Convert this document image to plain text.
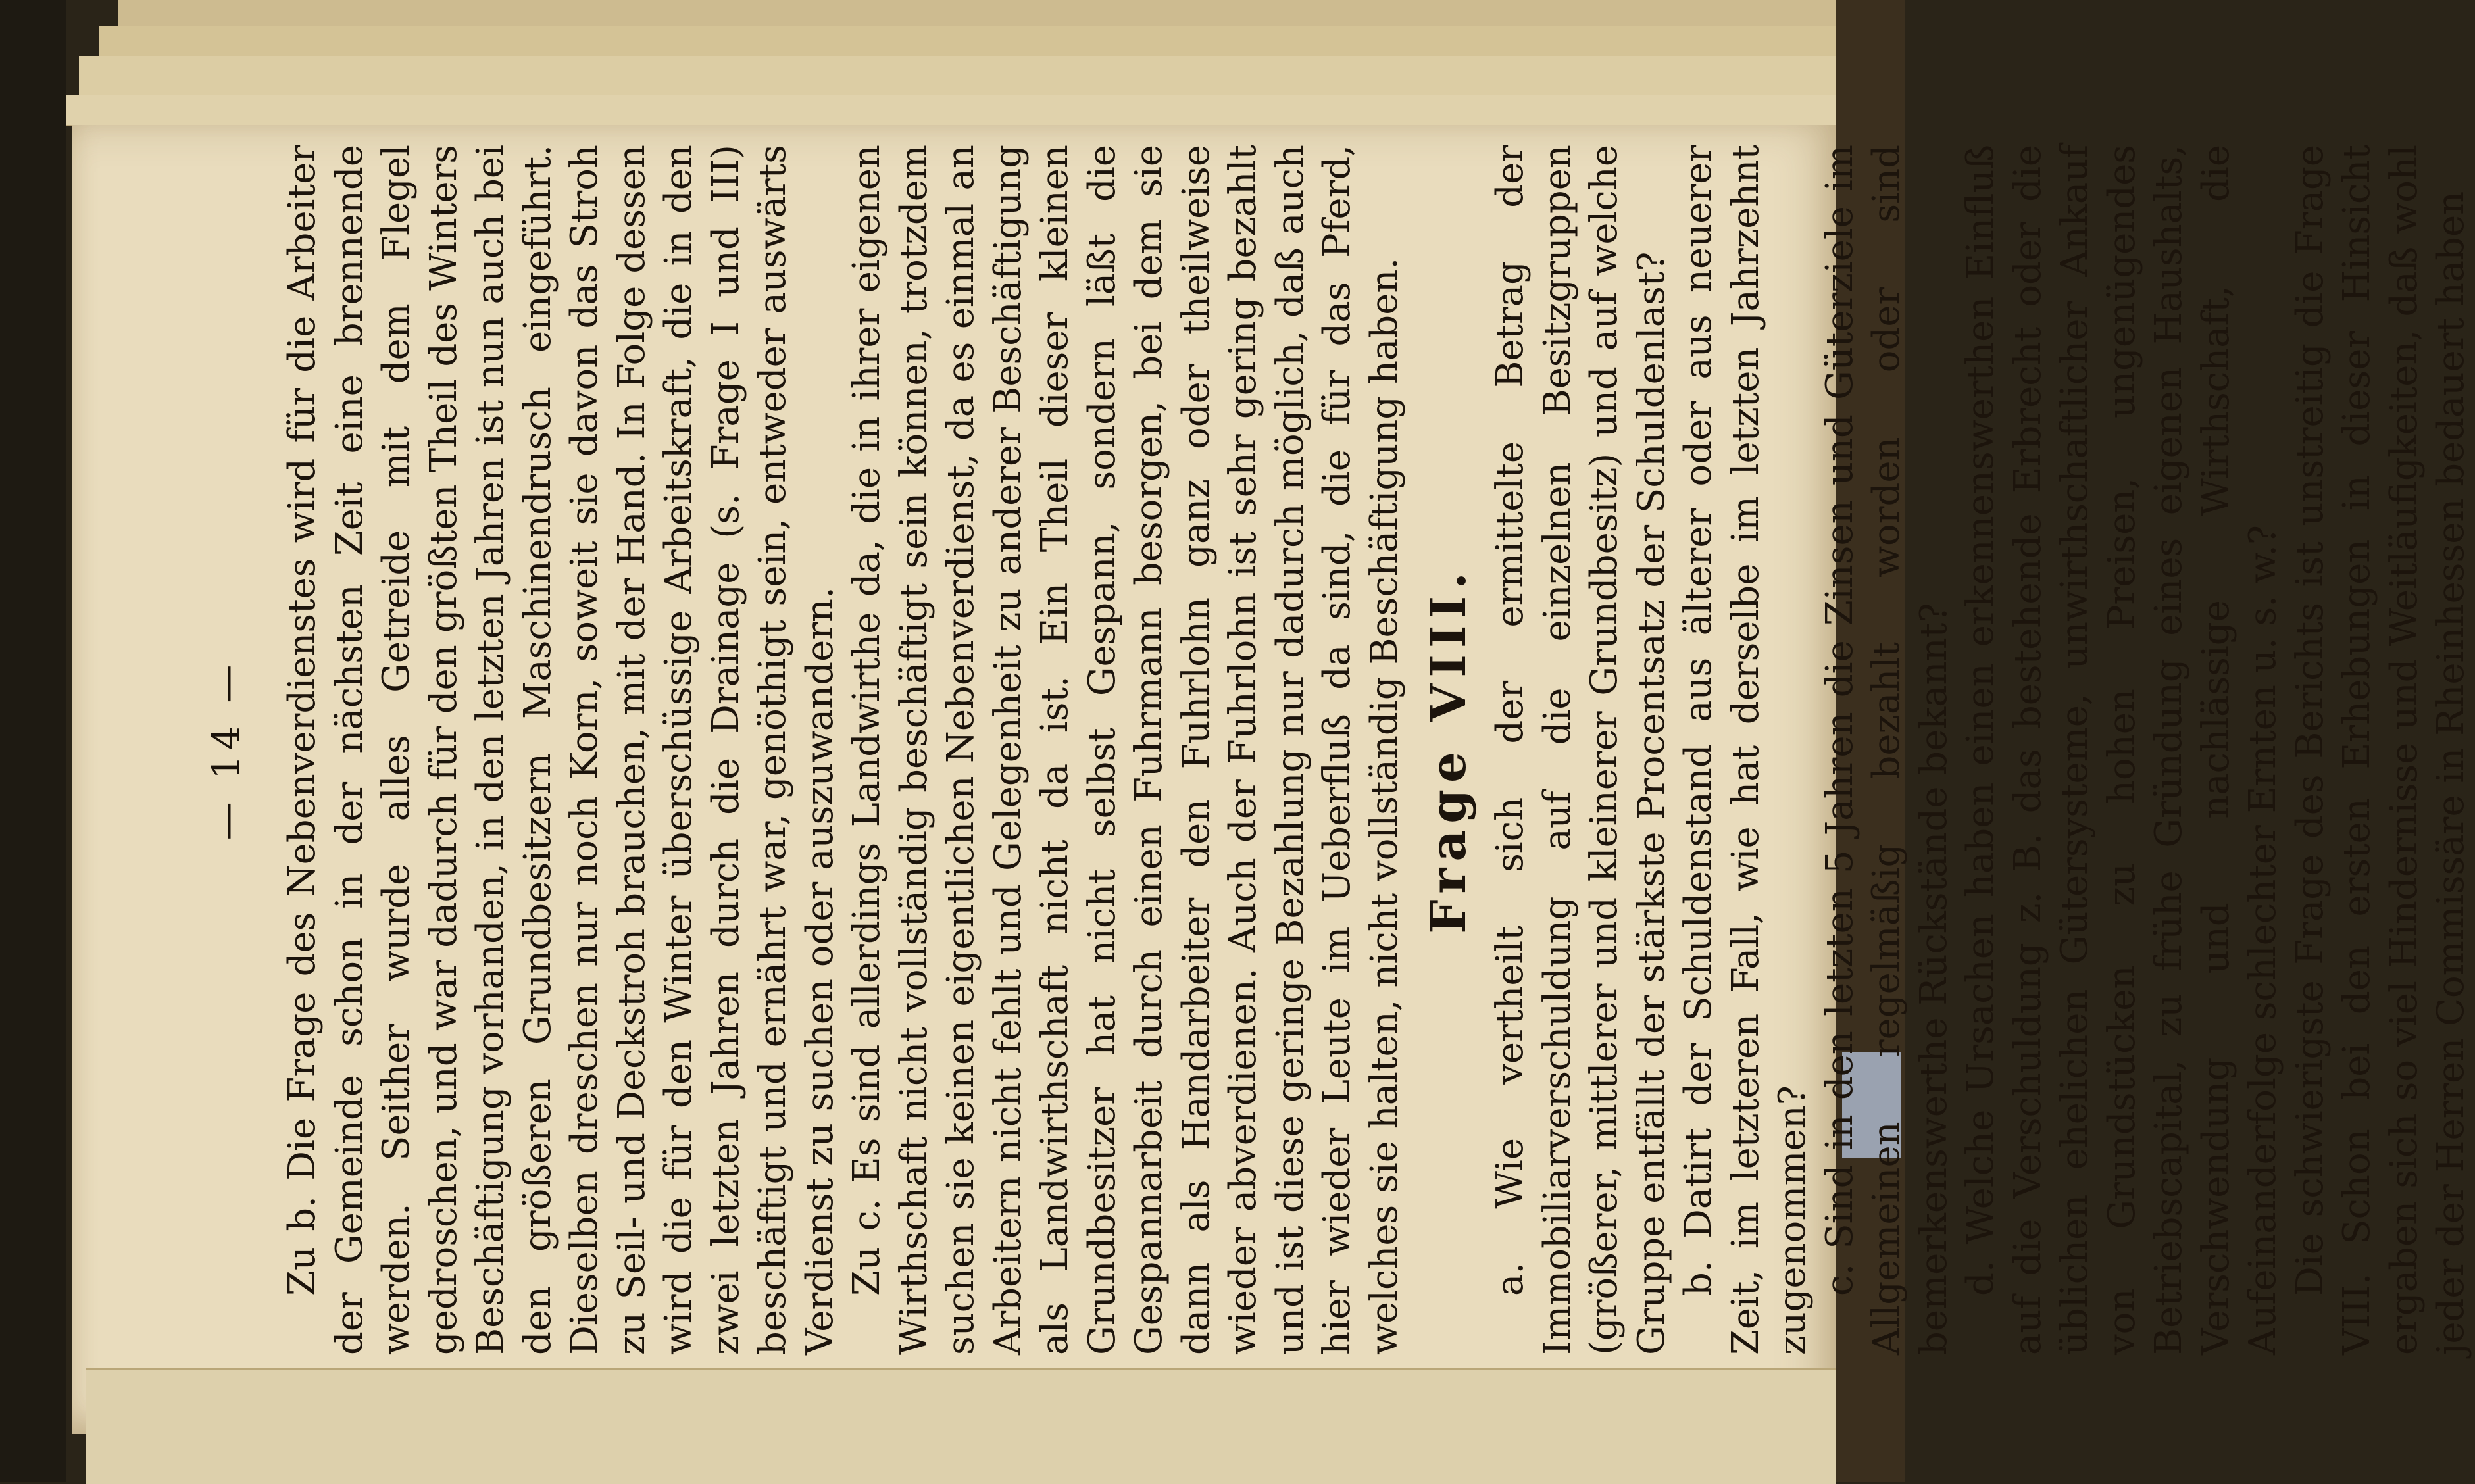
— 14 — Zu b. Die Frage des Nebenverdienstes wird für die Arbeiter der Gemeinde schon in der nächsten Zeit eine brennende werden. Seither wurde alles Getreide mit dem Flegel gedroschen, und war dadurch für den größten Theil des Winters Beschäftigung vorhanden, in den letzten Jahren ist nun auch bei den größeren Grundbesitzern Maschinendrusch eingeführt. Dieselben dreschen nur noch Korn, soweit sie davon das Stroh zu Seil- und Deckstroh brauchen, mit der Hand. In Folge dessen wird die für den Winter überschüssige Arbeitskraft, die in den zwei letzten Jahren durch die Drainage (s. Frage I und III) beschäftigt und ernährt war, genöthigt sein, entweder auswärts Verdienst zu suchen oder auszuwandern. Zu c. Es sind allerdings Landwirthe da, die in ihrer eigenen Wirthschaft nicht vollständig beschäftigt sein können, trotzdem suchen sie keinen eigentlichen Nebenverdienst, da es einmal an Arbeitern nicht fehlt und Gelegenheit zu anderer Beschäftigung als Landwirthschaft nicht da ist. Ein Theil dieser kleinen Grundbesitzer hat nicht selbst Gespann, sondern läßt die Gespannarbeit durch einen Fuhrmann besorgen, bei dem sie dann als Handarbeiter den Fuhrlohn ganz oder theilweise wieder abverdienen. Auch der Fuhrlohn ist sehr gering bezahlt und ist diese geringe Bezahlung nur dadurch möglich, daß auch hier wieder Leute im Ueberfluß da sind, die für das Pferd, welches sie halten, nicht vollständig Beschäftigung haben. Frage VIII. a. Wie vertheilt sich der ermittelte Betrag der Immobiliarverschuldung auf die einzelnen Besitzgruppen (größerer, mittlerer und kleinerer Grundbesitz) und auf welche Gruppe entfällt der stärkste Procentsatz der Schuldenlast? b. Datirt der Schuldenstand aus älterer oder aus neuerer Zeit, im letzteren Fall, wie hat derselbe im letzten Jahrzehnt zugenommen? c. Sind in den letzten 5 Jahren die Zinsen und Güterziele im Allgemeinen regelmäßig bezahlt worden oder sind bemerkenswerthe Rückstände bekannt? d. Welche Ursachen haben einen erkennenswerthen Einfluß auf die Verschuldung z. B. das bestehende Erbrecht oder die üblichen ehelichen Gütersysteme, unwirthschaftlicher Ankauf von Grundstücken zu hohen Preisen, ungenügendes Betriebscapital, zu frühe Gründung eines eigenen Haushalts, Verschwendung und nachlässige Wirthschaft, die Aufeinanderfolge schlechter Ernten u. s. w.? Die schwierigste Frage des Berichts ist unstreitig die Frage VIII. Schon bei den ersten Erhebungen in dieser Hinsicht ergaben sich so viel Hindernisse und Weitläufigkeiten, daß wohl jeder der Herren Commissäre in Rheinhessen bedauert haben
